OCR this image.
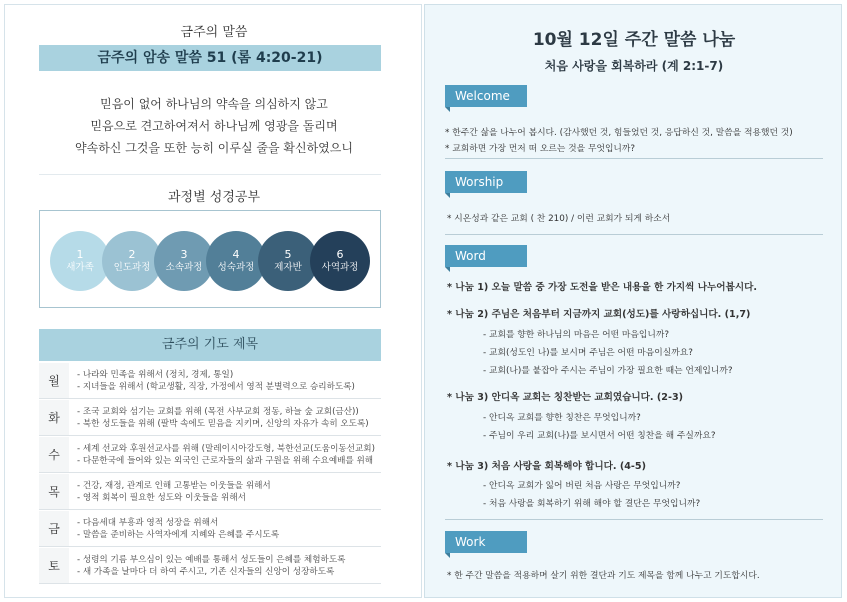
금주의 말씀
금주의 암송 말씀 51 (롬 4:20-21)
믿음이 없어 하나님의 약속을 의심하지 않고
믿음으로 견고하여져서 하나님께 영광을 돌리며
약속하신 그것을 또한 능히 이루실 줄을 확신하였으니
과정별 성경공부
1
새가족
2
인도과정
3
소속과정
4
성숙과정
5
제자반
6
사역과정
금주의 기도 제목
월	- 나라와 민족을 위해서 (정치, 경제, 통일)
- 지녀들을 위해서 (학교생활, 직장, 가정에서 영적 분별력으로 승리하도록)
화	- 조국 교회와 섬기는 교회를 위해 (목전 사부교회 정동, 하늘 숲 교회(금산))
- 북한 성도들을 위해 (팔박 속에도 믿음을 지키며, 신앙의 자유가 속히 오도록)
수	- 세계 선교와 후원선교사를 위해 (말레이시아강도형, 북한선교(도움이동선교회)
- 다문한국에 들어와 있는 외국인 근로자들의 삶과 구원을 위해 수요예배를 위해
목	- 건강, 재정, 관계로 인해 고통받는 이웃들을 위해서
- 영적 회복이 필요한 성도와 이웃들을 위해서
금	- 다음세대 부흥과 영적 성장을 위해서
- 말씀을 준비하는 사역자에게 지혜와 은혜를 주시도록
토	- 성령의 기름 부으심이 있는 예배를 통해서 성도들이 은혜를 체험하도록
- 새 가족을 날마다 더 하여 주시고, 기존 신자들의 신앙이 성장하도록
10월 12일 주간 말씀 나눔
처음 사랑을 회복하라 (계 2:1-7)
Welcome
* 한주간 삶을 나누어 봅시다. (감사했던 것, 힘들었던 것, 응답하신 것, 말씀을 적용했던 것)
* 교회하면 가장 먼저 떠 오르는 것을 무엇입니까?
Worship
* 시온성과 같은 교회 ( 찬 210) / 이런 교회가 되게 하소서
Word
* 나눔 1) 오늘 말씀 중 가장 도전을 받은 내용을 한 가지씩 나누어봅시다.
* 나눔 2) 주님은 처음부터 지금까지 교회(성도)를 사랑하십니다. (1,7)
- 교회를 향한 하나님의 마음은 어떤 마음입니까?
- 교회(성도인 나)를 보시며 주님은 어떤 마음이실까요?
- 교회(나)를 붙잡아 주시는 주님이 가장 필요한 때는 언제입니까?
* 나눔 3) 안디옥 교회는 칭찬받는 교회였습니다. (2-3)
- 안디옥 교회를 향한 칭찬은 무엇입니까?
- 주님이 우리 교회(나)를 보시면서 어떤 칭찬을 해 주실까요?
* 나눔 3) 처음 사랑을 회복해야 합니다. (4-5)
- 안디옥 교회가 잃어 버린 처음 사랑은 무엇입니까?
- 처음 사랑을 회복하기 위해 해야 할 결단은 무엇입니까?
Work
* 한 주간 말씀을 적용하며 살기 위한 결단과 기도 제목을 함께 나누고 기도합시다.
